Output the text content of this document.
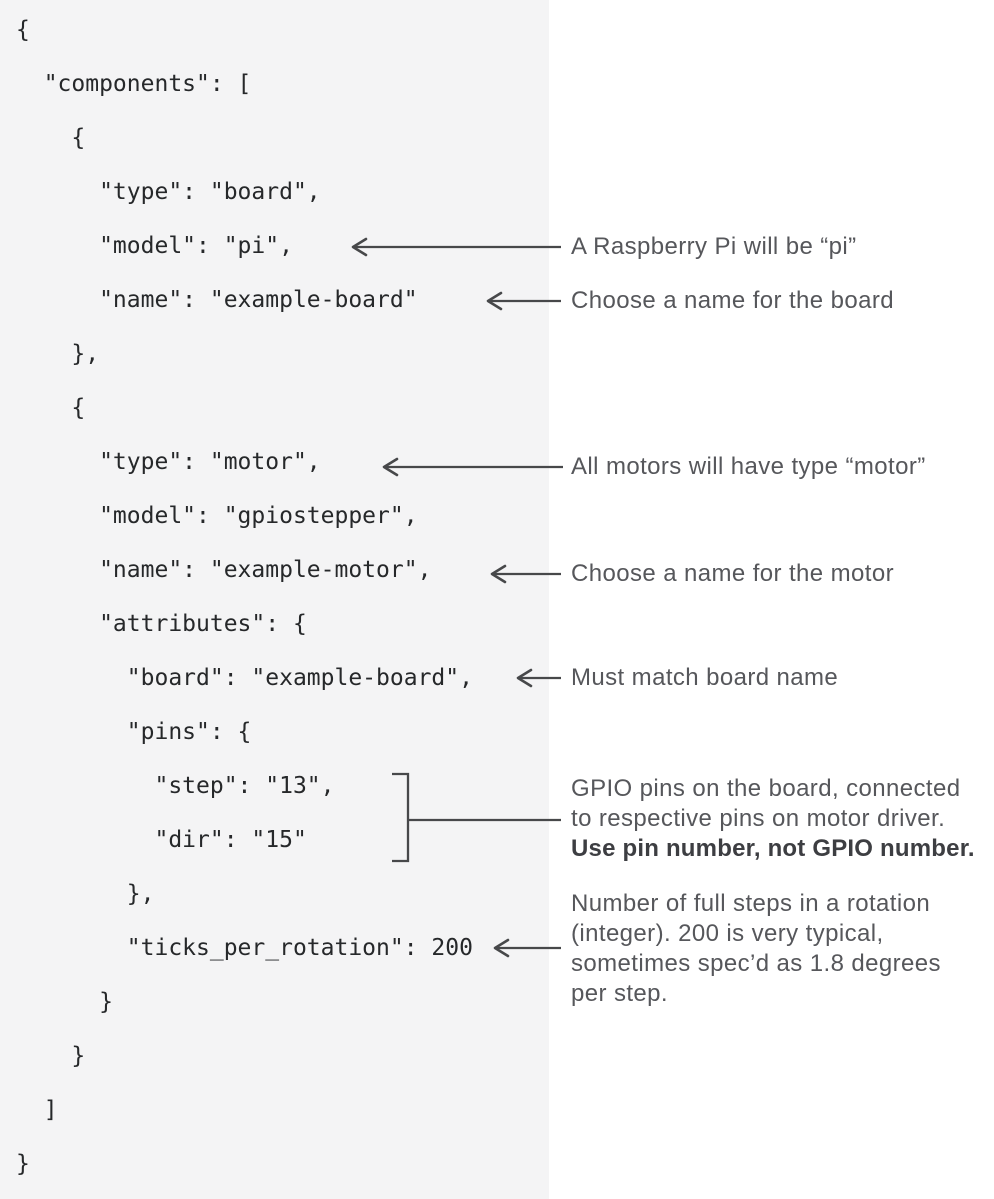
{
"components": [
{
"type": "board",
"model": "pi",
"name": "example-board"
},
{
"type": "motor",
"model": "gpiostepper",
"name": "example-motor",
"attributes": {
"board": "example-board",
"pins": {
"step": "13",
"dir": "15"
},
"ticks_per_rotation": 200
}
}
]
}
A Raspberry Pi will be “pi”
Choose a name for the board
All motors will have type “motor”
Choose a name for the motor
Must match board name
GPIO pins on the board, connected
to respective pins on motor driver.
Use pin number, not GPIO number.
Number of full steps in a rotation
(integer). 200 is very typical,
sometimes spec’d as 1.8 degrees
per step.
